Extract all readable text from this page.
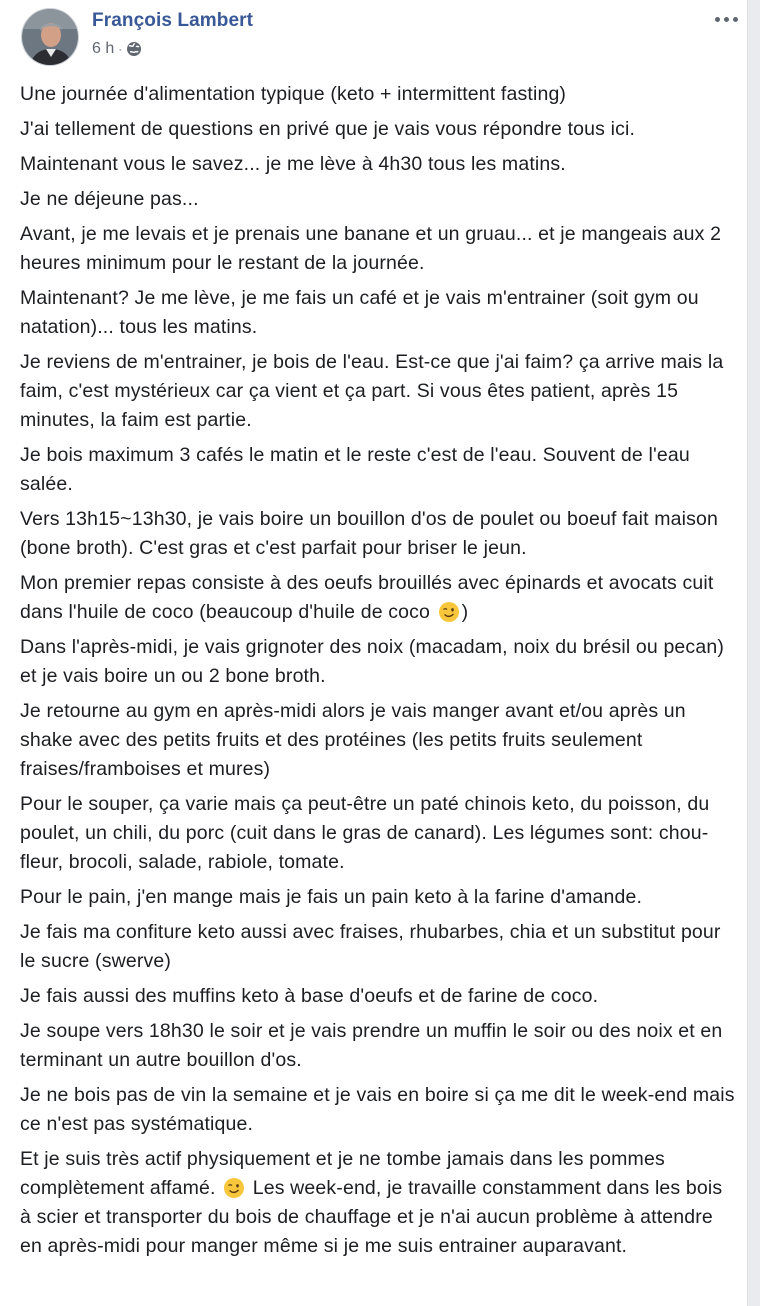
François Lambert
6 h ·

Une journée d'alimentation typique (keto + intermittent fasting)

J'ai tellement de questions en privé que je vais vous répondre tous ici.

Maintenant vous le savez... je me lève à 4h30 tous les matins.

Je ne déjeune pas...

Avant, je me levais et je prenais une banane et un gruau... et je mangeais aux 2 heures minimum pour le restant de la journée.

Maintenant? Je me lève, je me fais un café et je vais m'entrainer (soit gym ou natation)... tous les matins.

Je reviens de m'entrainer, je bois de l'eau. Est-ce que j'ai faim? ça arrive mais la faim, c'est mystérieux car ça vient et ça part. Si vous êtes patient, après 15 minutes, la faim est partie.

Je bois maximum 3 cafés le matin et le reste c'est de l'eau. Souvent de l'eau salée.

Vers 13h15~13h30, je vais boire un bouillon d'os de poulet ou boeuf fait maison (bone broth). C'est gras et c'est parfait pour briser le jeun.

Mon premier repas consiste à des oeufs brouillés avec épinards et avocats cuit dans l'huile de coco (beaucoup d'huile de coco )

Dans l'après-midi, je vais grignoter des noix (macadam, noix du brésil ou pecan) et je vais boire un ou 2 bone broth.

Je retourne au gym en après-midi alors je vais manger avant et/ou après un shake avec des petits fruits et des protéines (les petits fruits seulement fraises/framboises et mures)

Pour le souper, ça varie mais ça peut-être un paté chinois keto, du poisson, du poulet, un chili, du porc (cuit dans le gras de canard). Les légumes sont: chou-fleur, brocoli, salade, rabiole, tomate.

Pour le pain, j'en mange mais je fais un pain keto à la farine d'amande.

Je fais ma confiture keto aussi avec fraises, rhubarbes, chia et un substitut pour le sucre (swerve)

Je fais aussi des muffins keto à base d'oeufs et de farine de coco.

Je soupe vers 18h30 le soir et je vais prendre un muffin le soir ou des noix et en terminant un autre bouillon d'os.

Je ne bois pas de vin la semaine et je vais en boire si ça me dit le week-end mais ce n'est pas systématique.

Et je suis très actif physiquement et je ne tombe jamais dans les pommes complètement affamé.  Les week-end, je travaille constamment dans les bois à scier et transporter du bois de chauffage et je n'ai aucun problème à attendre en après-midi pour manger même si je me suis entrainer auparavant.
